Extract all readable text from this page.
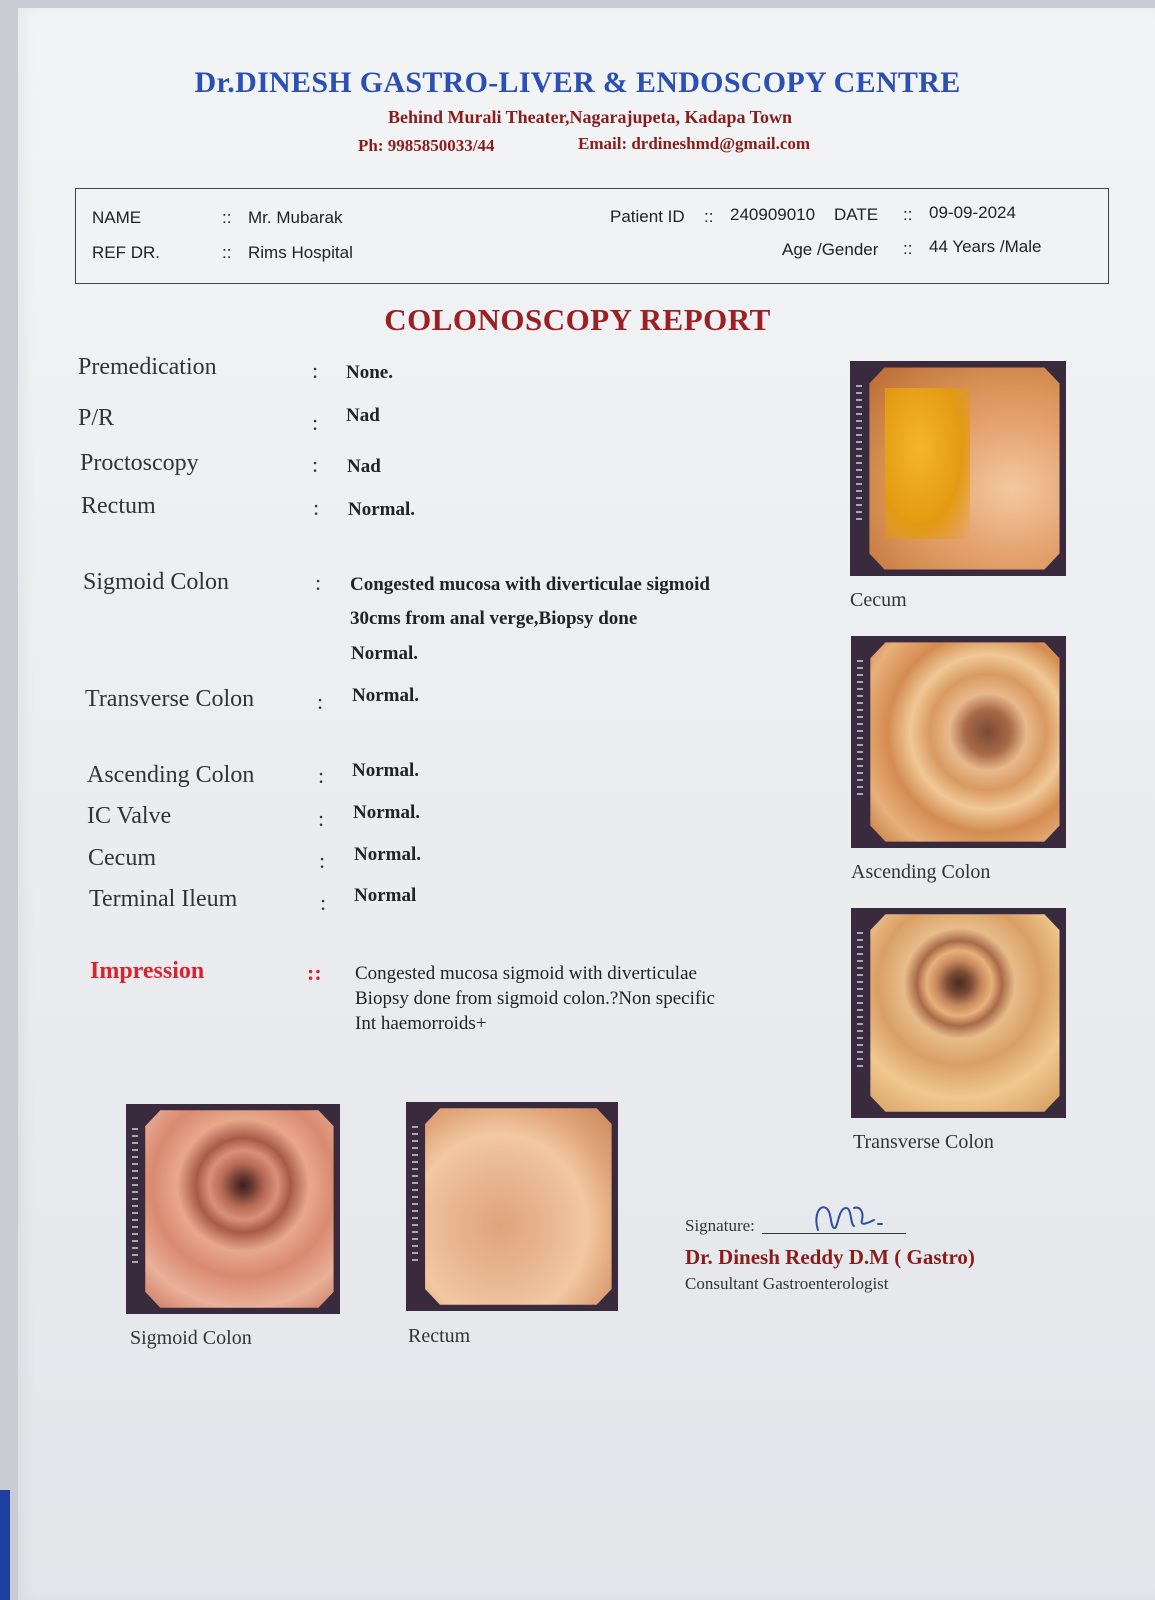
Dr.DINESH GASTRO-LIVER & ENDOSCOPY CENTRE
Behind Murali Theater,Nagarajupeta, Kadapa Town
Ph: 9985850033/44	Email: drdineshmd@gmail.com
NAME	:: Mr. Mubarak
REF DR.	:: Rims Hospital
Patient ID :: 240909010 DATE :: 09-09-2024
Age /Gender :: 44 Years /Male
COLONOSCOPY REPORT
Premedication	: None.
P/R	: Nad
Proctoscopy	: Nad
Rectum	: Normal.
Sigmoid Colon	: Congested mucosa with diverticulae sigmoid
30cms from anal verge,Biopsy done
Normal.
Transverse Colon	: Normal.
Ascending Colon	: Normal.
IC Valve	: Normal.
Cecum	: Normal.
Terminal Ileum	: Normal
Impression	:: Congested mucosa sigmoid with diverticulae
Biopsy done from sigmoid colon.?Non specific
Int haemorroids+
Cecum
Ascending Colon
Transverse Colon
Sigmoid Colon	Rectum
Signature:
Dr. Dinesh Reddy D.M ( Gastro)
Consultant Gastroenterologist
